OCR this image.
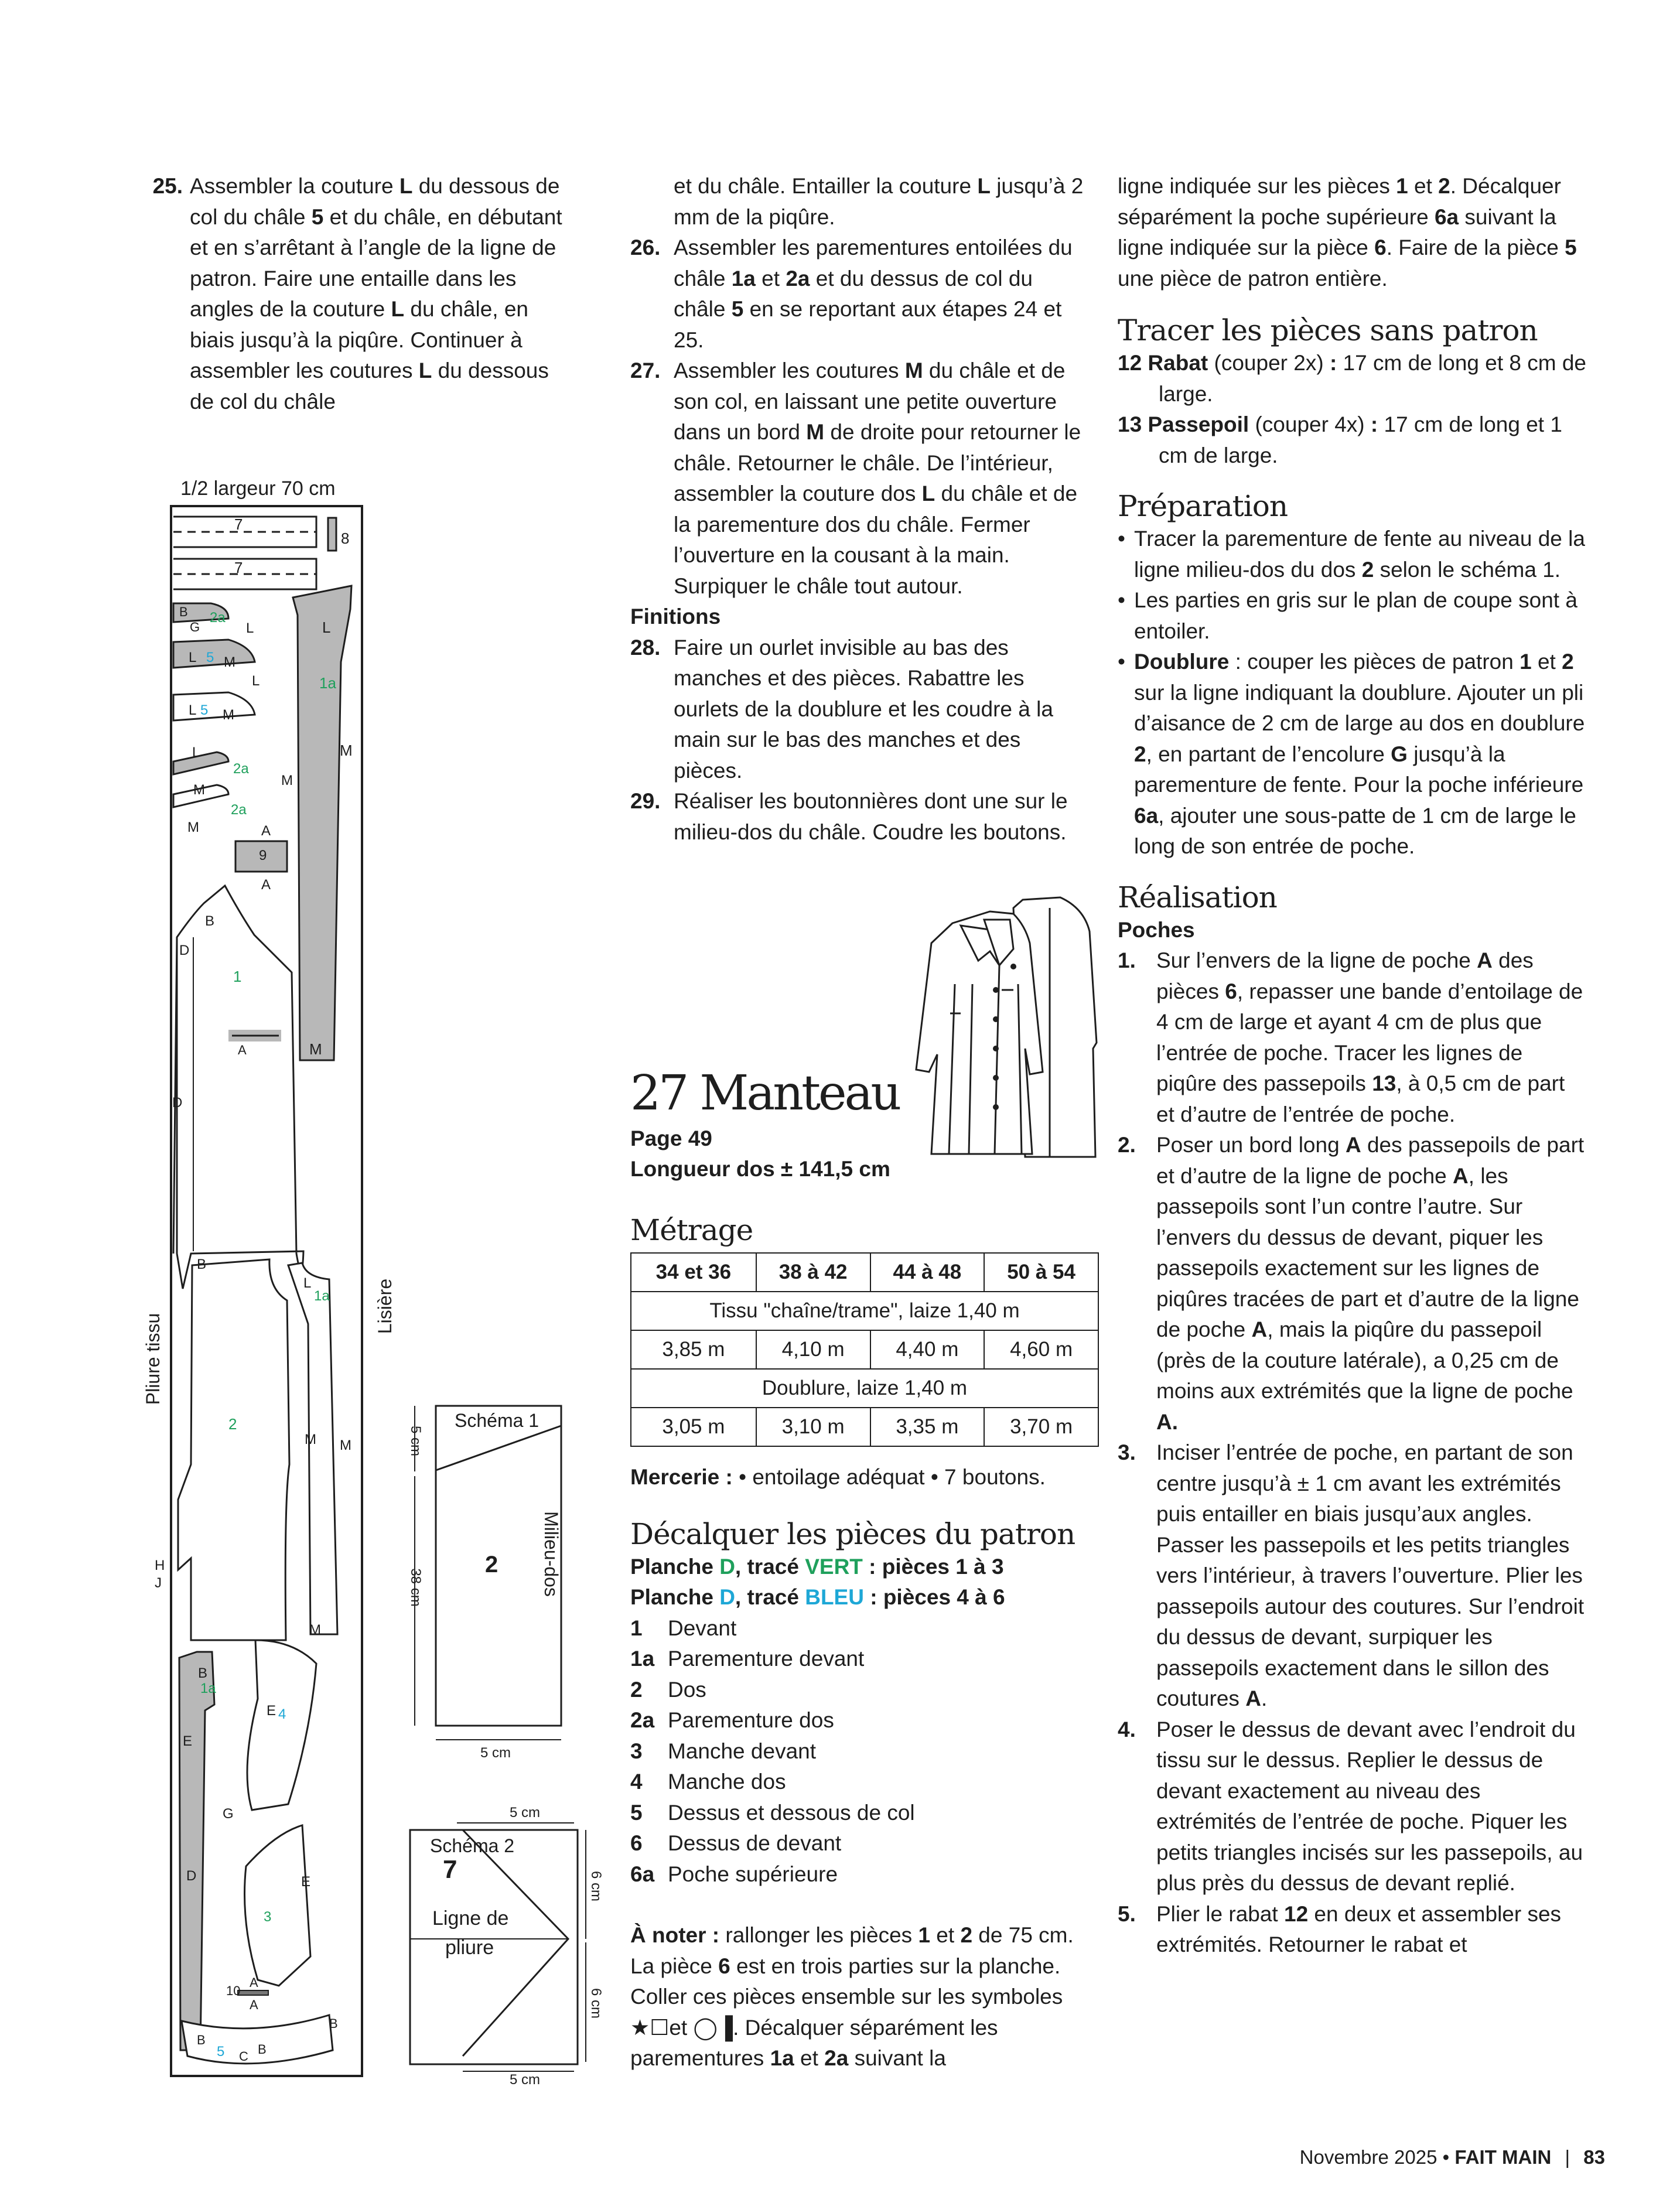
25. Assembler la couture L du dessous de col du châle 5 et du châle, en débutant et en s’arrêtant à l’angle de la ligne de patron. Faire une entaille dans les angles de la couture L du châle, en biais jusqu’à la piqûre. Continuer à assembler les coutures L du dessous de col du châle
1/2 largeur 70 cm
7
7
8
1a
L
M
M
2a
B
G
L 5 M
L
L 5 M
L
L
2a
M
M
2a
M
9
A
A
A
1
B
D
D
B
2
H
J
1a
L
M M
M
B
1a
E
G
D
E 4
3
E
10
A
A
B
5 C B
B
Pliure tissu
Lisière
Schéma 1
2 Milieu-dos
5 cm
38 cm
5 cm
5 cm
Schéma 2
7
Ligne de
pliure
6 cm
6 cm
5 cm
et du châle. Entailler la couture L jusqu’à 2 mm de la piqûre.
26. Assembler les parementures entoilées du châle 1a et 2a et du dessus de col du châle 5 en se reportant aux étapes 24 et 25.
27. Assembler les coutures M du châle et de son col, en laissant une petite ouverture dans un bord M de droite pour retourner le châle. Retourner le châle. De l’intérieur, assembler la couture dos L du châle et de la parementure dos du châle. Fermer l’ouverture en la cousant à la main. Surpiquer le châle tout autour.
Finitions
28. Faire un ourlet invisible au bas des manches et des pièces. Rabattre les ourlets de la doublure et les coudre à la main sur le bas des manches et des pièces.
29. Réaliser les boutonnières dont une sur le milieu-dos du châle. Coudre les boutons.
27 Manteau
Page 49
Longueur dos ± 141,5 cm
Métrage
34 et 36	38 à 42	44 à 48	50 à 54
Tissu "chaîne/trame", laize 1,40 m			
3,85 m	4,10 m	4,40 m	4,60 m
Doublure, laize 1,40 m			
3,05 m	3,10 m	3,35 m	3,70 m
Mercerie : • entoilage adéquat • 7 boutons.
Décalquer les pièces du patron
Planche D, tracé VERT : pièces 1 à 3
Planche D, tracé BLEU : pièces 4 à 6
1	Devant
1a Parementure devant
2	Dos
2a Parementure dos
3	Manche devant
4	Manche dos
5	Dessus et dessous de col
6	Dessus de devant
6a Poche supérieure
À noter : rallonger les pièces 1 et 2 de 75 cm. La pièce 6 est en trois parties sur la planche. Coller ces pièces ensemble sur les symboles ★☐et ◯▐. Décalquer séparément les parementures 1a et 2a suivant la
ligne indiquée sur les pièces 1 et 2. Décalquer séparément la poche supérieure 6a suivant la ligne indiquée sur la pièce 6. Faire de la pièce 5 une pièce de patron entière.
Tracer les pièces sans patron
12 Rabat (couper 2x) : 17 cm de long et 8 cm de large.
13 Passepoil (couper 4x) : 17 cm de long et 1 cm de large.
Préparation
• Tracer la parementure de fente au niveau de la ligne milieu-dos du dos 2 selon le schéma 1.
• Les parties en gris sur le plan de coupe sont à entoiler.
• Doublure : couper les pièces de patron 1 et 2 sur la ligne indiquant la doublure. Ajouter un pli d’aisance de 2 cm de large au dos en doublure 2, en partant de l’encolure G jusqu’à la parementure de fente. Pour la poche inférieure 6a, ajouter une sous-patte de 1 cm de large le long de son entrée de poche.
Réalisation
Poches
1. Sur l’envers de la ligne de poche A des pièces 6, repasser une bande d’entoilage de 4 cm de large et ayant 4 cm de plus que l’entrée de poche. Tracer les lignes de piqûre des passepoils 13, à 0,5 cm de part et d’autre de l’entrée de poche.
2. Poser un bord long A des passepoils de part et d’autre de la ligne de poche A, les passepoils sont l’un contre l’autre. Sur l’envers du dessus de devant, piquer les passepoils exactement sur les lignes de piqûres tracées de part et d’autre de la ligne de poche A, mais la piqûre du passepoil (près de la couture latérale), a 0,25 cm de moins aux extrémités que la ligne de poche A.
3. Inciser l’entrée de poche, en partant de son centre jusqu’à ± 1 cm avant les extrémités puis entailler en biais jusqu’aux angles. Passer les passepoils et les petits triangles vers l’intérieur, à travers l’ouverture. Plier les passepoils autour des coutures. Sur l’endroit du dessus de devant, surpiquer les passepoils exactement dans le sillon des coutures A.
4. Poser le dessus de devant avec l’endroit du tissu sur le dessus. Replier le dessus de devant exactement au niveau des extrémités de l’entrée de poche. Piquer les petits triangles incisés sur les passepoils, au plus près du dessus de devant replié.
5. Plier le rabat 12 en deux et assembler ses extrémités. Retourner le rabat et
Novembre 2025 • FAIT MAIN | 83
